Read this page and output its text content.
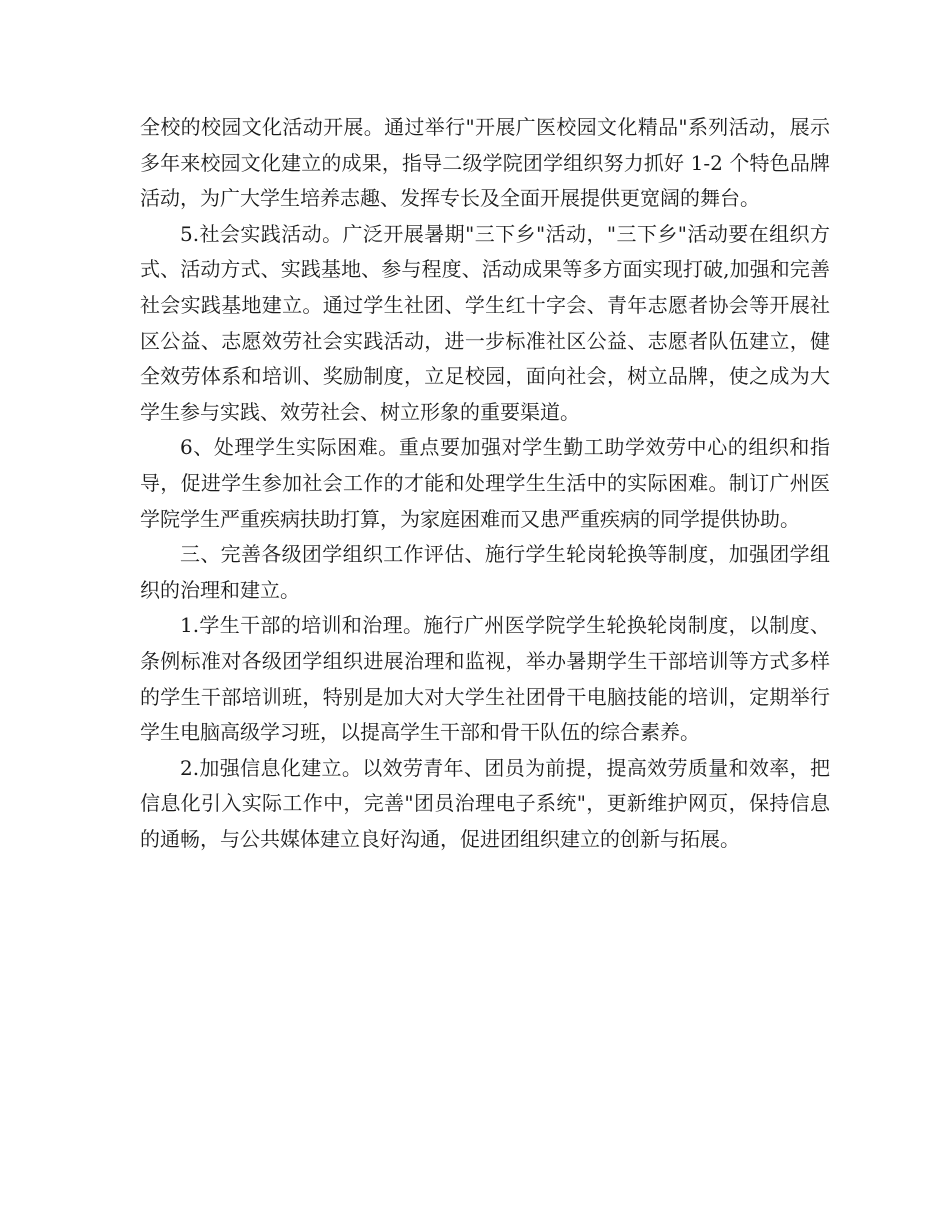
全校的校园文化活动开展。通过举行"开展广医校园文化精品"系列活动，展示多年来校园文化建立的成果，指导二级学院团学组织努力抓好 1-2 个特色品牌活动，为广大学生培养志趣、发挥专长及全面开展提供更宽阔的舞台。

5.社会实践活动。广泛开展暑期"三下乡"活动，"三下乡"活动要在组织方式、活动方式、实践基地、参与程度、活动成果等多方面实现打破,加强和完善社会实践基地建立。通过学生社团、学生红十字会、青年志愿者协会等开展社区公益、志愿效劳社会实践活动，进一步标准社区公益、志愿者队伍建立，健全效劳体系和培训、奖励制度，立足校园，面向社会，树立品牌，使之成为大学生参与实践、效劳社会、树立形象的重要渠道。

6、处理学生实际困难。重点要加强对学生勤工助学效劳中心的组织和指导，促进学生参加社会工作的才能和处理学生生活中的实际困难。制订广州医学院学生严重疾病扶助打算，为家庭困难而又患严重疾病的同学提供协助。

三、完善各级团学组织工作评估、施行学生轮岗轮换等制度，加强团学组织的治理和建立。

1.学生干部的培训和治理。施行广州医学院学生轮换轮岗制度，以制度、条例标准对各级团学组织进展治理和监视，举办暑期学生干部培训等方式多样的学生干部培训班，特别是加大对大学生社团骨干电脑技能的培训，定期举行学生电脑高级学习班，以提高学生干部和骨干队伍的综合素养。

2.加强信息化建立。以效劳青年、团员为前提，提高效劳质量和效率，把信息化引入实际工作中，完善"团员治理电子系统"，更新维护网页，保持信息的通畅，与公共媒体建立良好沟通，促进团组织建立的创新与拓展。
